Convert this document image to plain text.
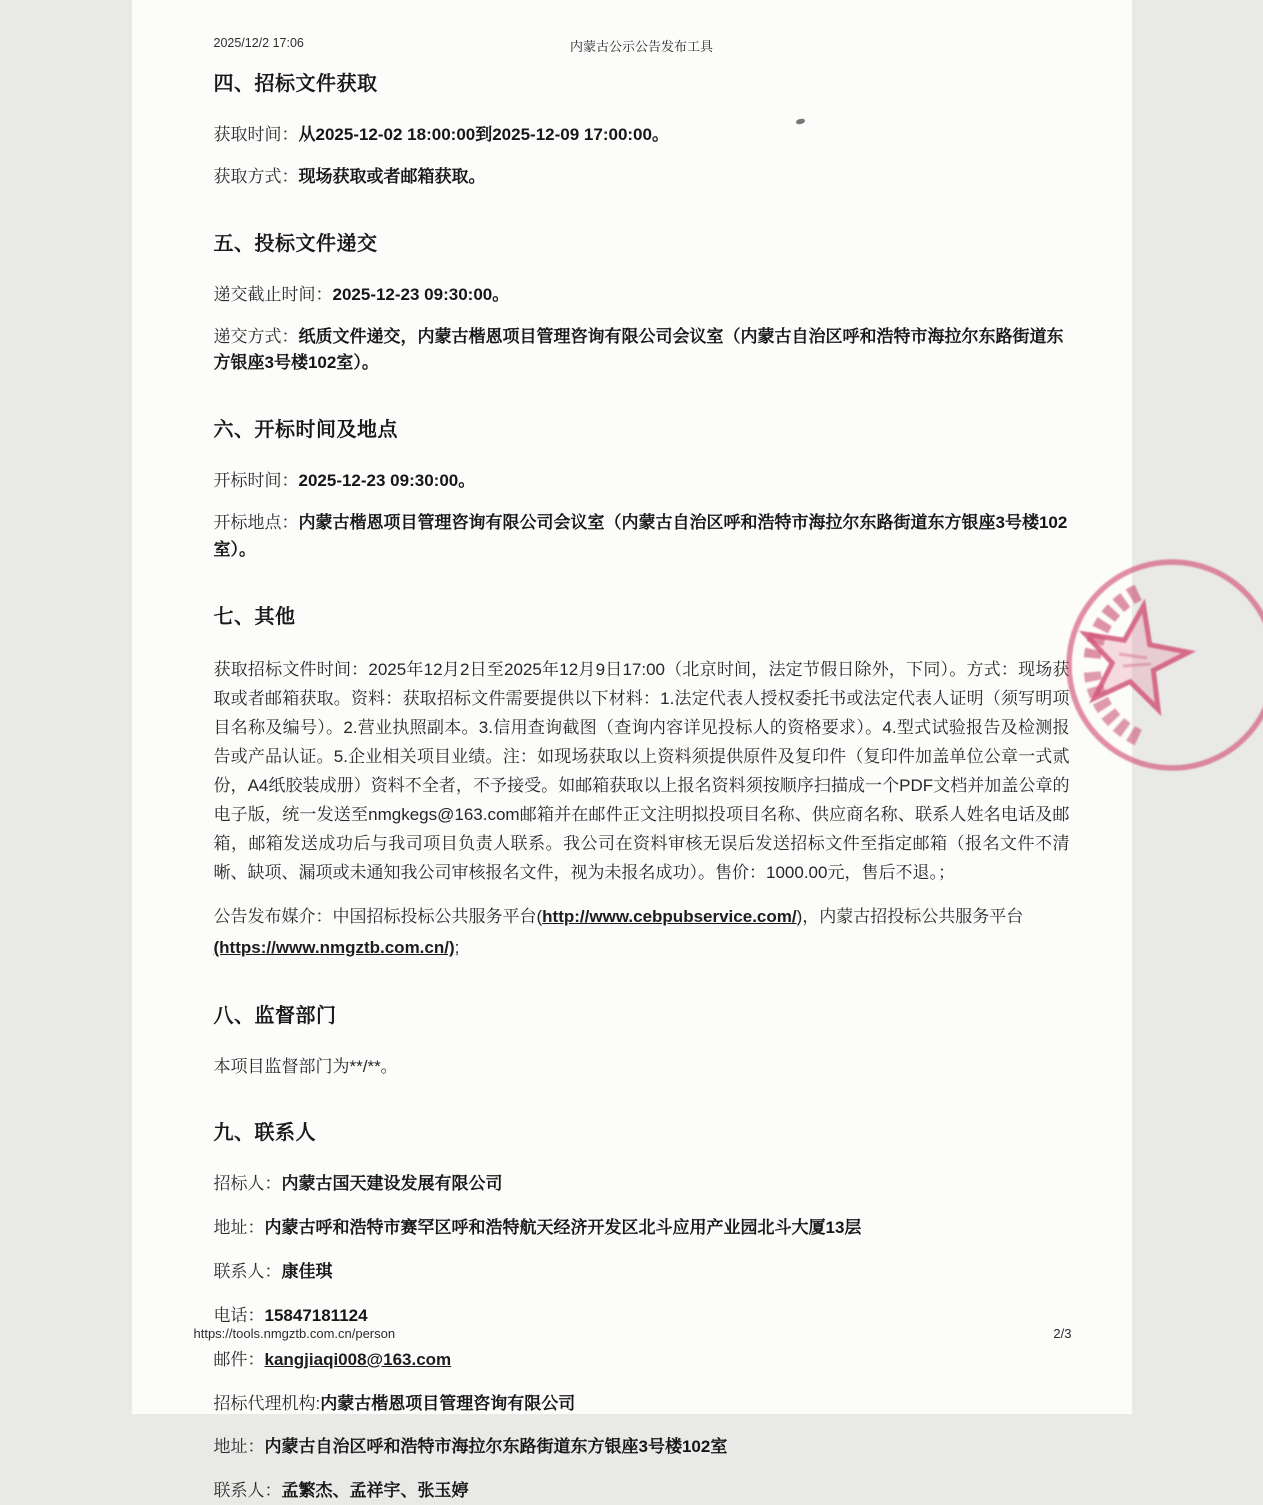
2025/12/2 17:06	内蒙古公示公告发布工具
四、招标文件获取

获取时间：从2025-12-02 18:00:00到2025-12-09 17:00:00。

获取方式：现场获取或者邮箱获取。

五、投标文件递交

递交截止时间：2025-12-23 09:30:00。

递交方式：纸质文件递交，内蒙古楷恩项目管理咨询有限公司会议室（内蒙古自治区呼和浩特市海拉尔东路街道东方银座3号楼102室）。

六、开标时间及地点

开标时间：2025-12-23 09:30:00。

开标地点：内蒙古楷恩项目管理咨询有限公司会议室（内蒙古自治区呼和浩特市海拉尔东路街道东方银座3号楼102室）。

七、其他

获取招标文件时间：2025年12月2日至2025年12月9日17:00（北京时间，法定节假日除外，下同）。方式：现场获取或者邮箱获取。资料：获取招标文件需要提供以下材料：1.法定代表人授权委托书或法定代表人证明（须写明项目名称及编号）。2.营业执照副本。3.信用查询截图（查询内容详见投标人的资格要求）。4.型式试验报告及检测报告或产品认证。5.企业相关项目业绩。注：如现场获取以上资料须提供原件及复印件（复印件加盖单位公章一式贰份，A4纸胶装成册）资料不全者，不予接受。如邮箱获取以上报名资料须按顺序扫描成一个PDF文档并加盖公章的电子版，统一发送至nmgkegs@163.com邮箱并在邮件正文注明拟投项目名称、供应商名称、联系人姓名电话及邮箱，邮箱发送成功后与我司项目负责人联系。我公司在资料审核无误后发送招标文件至指定邮箱（报名文件不清晰、缺项、漏项或未通知我公司审核报名文件，视为未报名成功）。售价：1000.00元，售后不退。；

公告发布媒介：中国招标投标公共服务平台(http://www.cebpubservice.com/)，内蒙古招投标公共服务平台(https://www.nmgztb.com.cn/);

八、监督部门

本项目监督部门为**/**。

九、联系人

招标人：内蒙古国天建设发展有限公司

地址：内蒙古呼和浩特市赛罕区呼和浩特航天经济开发区北斗应用产业园北斗大厦13层

联系人：康佳琪

电话：15847181124

邮件：kangjiaqi008@163.com

招标代理机构:内蒙古楷恩项目管理咨询有限公司

地址：内蒙古自治区呼和浩特市海拉尔东路街道东方银座3号楼102室

联系人：孟繁杰、孟祥宇、张玉婷

https://tools.nmgztb.com.cn/person	2/3
